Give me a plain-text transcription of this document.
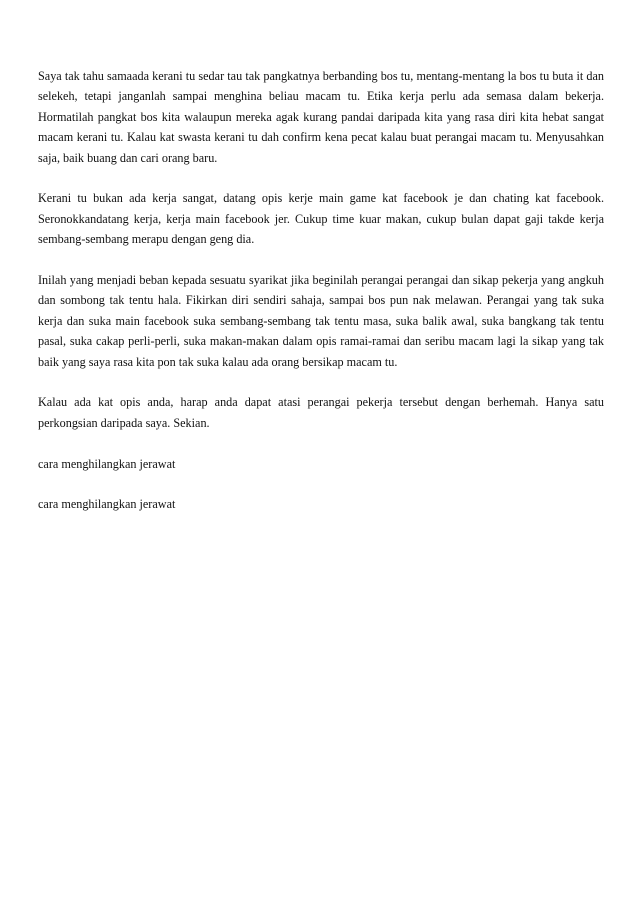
Saya tak tahu samaada kerani tu sedar tau tak pangkatnya berbanding bos tu, mentang-mentang la bos tu buta it dan selekeh, tetapi janganlah sampai menghina beliau macam tu. Etika kerja perlu ada semasa dalam bekerja. Hormatilah pangkat bos kita walaupun mereka agak kurang pandai daripada kita yang rasa diri kita hebat sangat macam kerani tu. Kalau kat swasta kerani tu dah confirm kena pecat kalau buat perangai macam tu. Menyusahkan saja, baik buang dan cari orang baru.

Kerani tu bukan ada kerja sangat, datang opis kerje main game kat facebook je dan chating kat facebook. Seronokkandatang kerja, kerja main facebook jer. Cukup time kuar makan, cukup bulan dapat gaji takde kerja sembang-sembang merapu dengan geng dia.

Inilah yang menjadi beban kepada sesuatu syarikat jika beginilah perangai perangai dan sikap pekerja yang angkuh dan sombong tak tentu hala. Fikirkan diri sendiri sahaja, sampai bos pun nak melawan. Perangai yang tak suka kerja dan suka main facebook suka sembang-sembang tak tentu masa, suka balik awal, suka bangkang tak tentu pasal, suka cakap perli-perli, suka makan-makan dalam opis ramai-ramai dan seribu macam lagi la sikap yang tak baik yang saya rasa kita pon tak suka kalau ada orang bersikap macam tu.

Kalau ada kat opis anda, harap anda dapat atasi perangai pekerja tersebut dengan berhemah. Hanya satu perkongsian daripada saya. Sekian.

cara menghilangkan jerawat

cara menghilangkan jerawat
